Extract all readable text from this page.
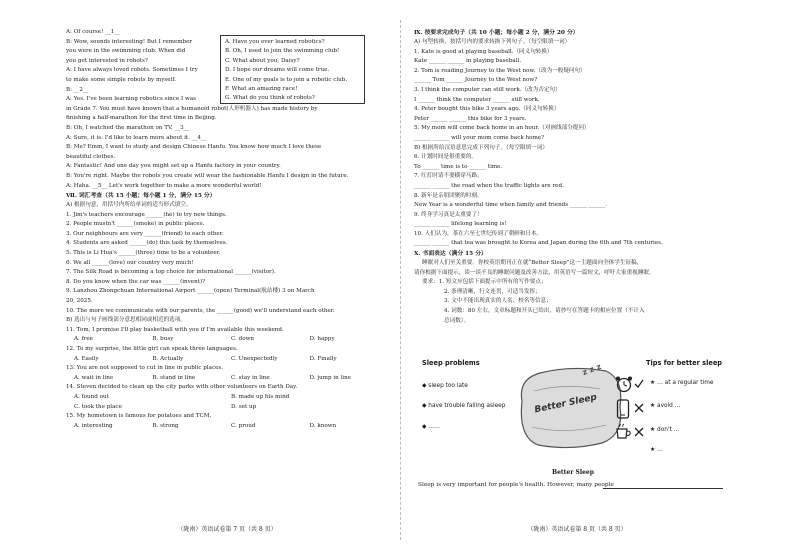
A: Of course! __1__
B: Wow, sounds interesting! But I remember
you were in the swimming club. When did
you get interested in robots?
A: I have always loved robots. Sometimes I try
to make some simple robots by myself.
B: __2__
A: Yes. I've been learning robotics since I was
in Grade 7. You must have known that a humanoid robot(人形机器人) has made history by
finishing a half-marathon for the first time in Beijing.
B: Oh, I watched the marathon on TV. __3__
A: Sure, it is. I'd like to learn more about it. __4__
B: Me? Emm, I want to study and design Chinese Hanfu. You know how much I love these
beautiful clothes.
A: Fantastic! And one day you might set up a Hanfu factory in your country.
B: You're right. Maybe the robots you create will wear the fashionable Hanfu I design in the future.
A: Haha. __5__ Let's work together to make a more wonderful world!
Ⅶ. 词汇考查（共 15 小题；每小题 1 分，满分 15 分）
A) 根据句意，用括号内所给单词的适当形式填空。
1. Jim's teachers encourage ______(he) to try new things.
2. People mustn't ______(smoke) in public places.
3. Our neighbours are very ______(friend) to each other.
4. Students are asked ______(do) this task by themselves.
5. This is Li Hua's ______(three) time to be a volunteer.
6. We all ______(love) our country very much!
7. The Silk Road is becoming a top choice for international ______(visitor).
8. Do you know when the car was ______(invent)?
9. Lanzhou Zhongchuan International Airport ______(open) Terminal(航站楼) 3 on March
20, 2025.
10. The more we communicate with our parents, the ______(good) we'll understand each other.
B) 选出与句子画线部分意思相同或相近的选项。
11. Tom, I promise I'll play basketball with you if I'm available this weekend.
A. free	B. busy	C. down	D. happy
12. To my surprise, the little girl can speak three languages.
A. Easily	B. Actually	C. Unexpectedly	D. Finally
13. You are not supposed to cut in line in public places.
A. wait in line	B. stand in line	C. stay in line	D. jump in line
14. Steven decided to clean up the city parks with other volunteers on Earth Day.
A. found out	B. made up his mind
C. took the place	D. set up
15. My hometown is famous for potatoes and TCM.
A. interesting	B. strong	C. proud	D. known
A. Have you ever learned robotics?
B. Oh, I used to join the swimming club!
C. What about you, Daisy?
D. I hope our dreams will come true.
E. One of my goals is to join a robotic club.
F. What an amazing race!
G. What do you think of robots?
（陇南）英语试卷第 7 页（共 8 页）
Ⅸ. 按要求完成句子（共 10 小题；每小题 2 分，满分 20 分）
A) 句型转换，按括号内的要求转换下列句子。（每空限填一词）
1. Kate is good at playing baseball.（同义句转换）
Kate ______ ______ in playing baseball.
2. Tom is reading Journey to the West now.（改为一般疑问句）
______ Tom ______ Journey to the West now?
3. I think the computer can still work.（改为否定句）
I ______ think the computer ______ still work.
4. Peter bought this bike 3 years ago.（同义句转换）
Peter ______ ______ this bike for 3 years.
5. My mom will come back home in an hour.（对画线部分提问）
______ ______ will your mom come back home?
B) 根据所给汉语意思完成下列句子。（每空限填一词）
6. 计划时间是很重要的。
To ______ time is to ______ time.
7. 红灯时请不要横穿马路。
______ ______ the road when the traffic lights are red.
8. 新年是亲朋团聚的时刻。
New Year is a wonderful time when family and friends ______ ______.
9. 终身学习真是太重要了！
______ ______ lifelong learning is!
10. 人们认为，茶在六至七世纪传到了朝鲜和日本。
______ ______ that tea was brought to Korea and Japan during the 6th and 7th centuries.
Ⅹ. 书面表达（满分 15 分）
睡眠对人们至关重要。你校英语期刊正在就“Better Sleep”这一主题面向全体学生征稿，
请你根据下面提示，谈一谈不良的睡眠问题及改善方法，用英语写一篇短文，呼吁大家重视睡眠。
要求：1. 短文应包括下面提示中所有的写作要点；
2. 条理清晰，行文连贯，可适当发挥；
3. 文中不能出现真实的人名、校名等信息；
4. 词数：80 左右，文章标题和开头已给出，请抄写在答题卡的相应位置（不计入
总词数）。
Sleep problems
◆ sleep too late
◆ have trouble falling asleep
◆ ……
Better Sleep
z z z	Tips for better sleep
★ … at a regular time
★ avoid …
★ don't …
★ …
Better Sleep
Sleep is very important for people's health. However, many people
（陇南）英语试卷第 8 页（共 8 页）
